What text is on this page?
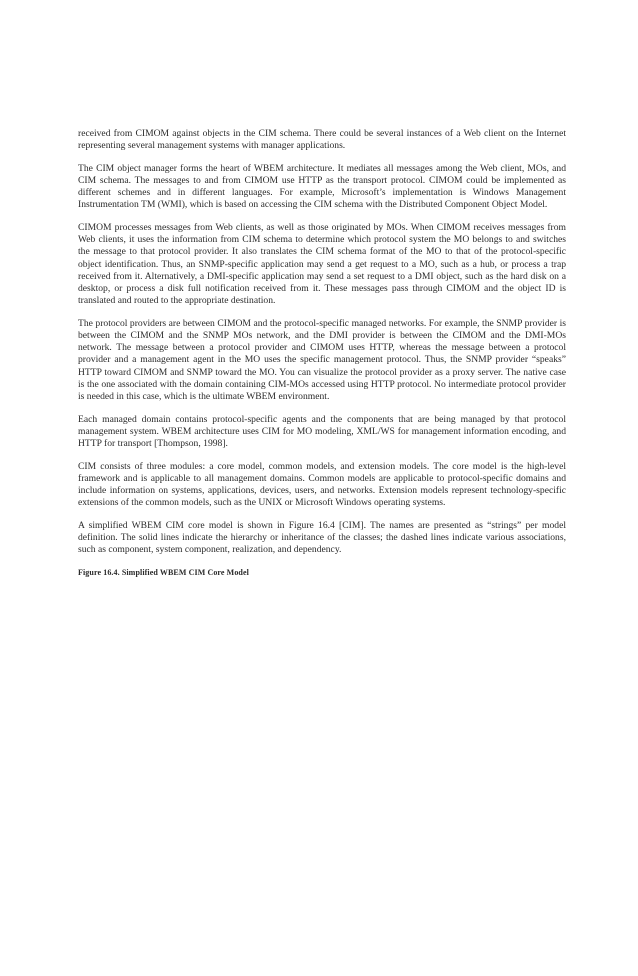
received from CIMOM against objects in the CIM schema. There could be several instances of a Web client on the Internet representing several management systems with manager applications.

The CIM object manager forms the heart of WBEM architecture. It mediates all messages among the Web client, MOs, and CIM schema. The messages to and from CIMOM use HTTP as the transport protocol. CIMOM could be implemented as different schemes and in different languages. For example, Microsoft’s implementation is Windows Management Instrumentation TM (WMI), which is based on accessing the CIM schema with the Distributed Component Object Model.

CIMOM processes messages from Web clients, as well as those originated by MOs. When CIMOM receives messages from Web clients, it uses the information from CIM schema to determine which protocol system the MO belongs to and switches the message to that protocol provider. It also translates the CIM schema format of the MO to that of the protocol-specific object identification. Thus, an SNMP-specific application may send a get request to a MO, such as a hub, or process a trap received from it. Alternatively, a DMI-specific application may send a set request to a DMI object, such as the hard disk on a desktop, or process a disk full notification received from it. These messages pass through CIMOM and the object ID is translated and routed to the appropriate destination.

The protocol providers are between CIMOM and the protocol-specific managed networks. For example, the SNMP provider is between the CIMOM and the SNMP MOs network, and the DMI provider is between the CIMOM and the DMI-MOs network. The message between a protocol provider and CIMOM uses HTTP, whereas the message between a protocol provider and a management agent in the MO uses the specific management protocol. Thus, the SNMP provider “speaks” HTTP toward CIMOM and SNMP toward the MO. You can visualize the protocol provider as a proxy server. The native case is the one associated with the domain containing CIM-MOs accessed using HTTP protocol. No intermediate protocol provider is needed in this case, which is the ultimate WBEM environment.

Each managed domain contains protocol-specific agents and the components that are being managed by that protocol management system. WBEM architecture uses CIM for MO modeling, XML/WS for management information encoding, and HTTP for transport [Thompson, 1998].

CIM consists of three modules: a core model, common models, and extension models. The core model is the high-level framework and is applicable to all management domains. Common models are applicable to protocol-specific domains and include information on systems, applications, devices, users, and networks. Extension models represent technology-specific extensions of the common models, such as the UNIX or Microsoft Windows operating systems.

A simplified WBEM CIM core model is shown in Figure 16.4 [CIM]. The names are presented as “strings” per model definition. The solid lines indicate the hierarchy or inheritance of the classes; the dashed lines indicate various associations, such as component, system component, realization, and dependency.

Figure 16.4. Simplified WBEM CIM Core Model
